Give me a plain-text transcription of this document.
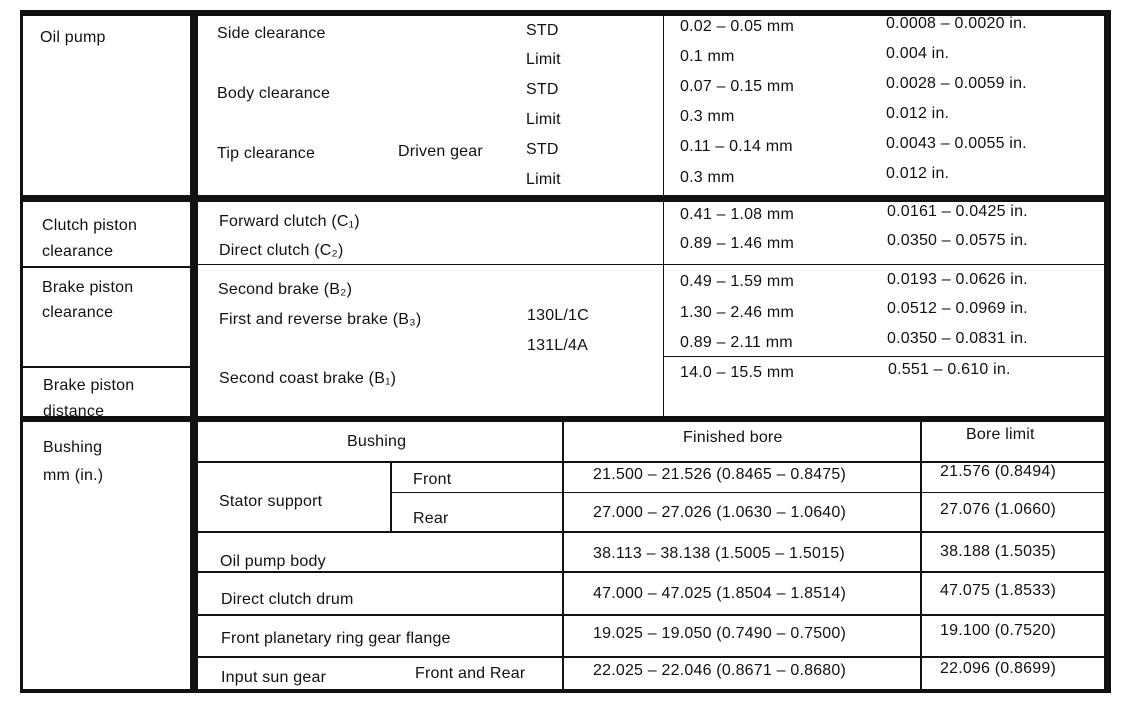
Oil pump	Side clearance	STD	0.02 – 0.05 mm	0.0008 – 0.0020 in.
Limit	0.1 mm	0.004 in.
Body clearance	STD	0.07 – 0.15 mm	0.0028 – 0.0059 in.
Limit	0.3 mm	0.012 in.
Tip clearance	Driven gear	STD	0.11 – 0.14 mm	0.0043 – 0.0055 in.
Limit	0.3 mm	0.012 in.
Clutch piston
clearance
Forward clutch (C₁)	0.41 – 1.08 mm	0.0161 – 0.0425 in.
Direct clutch (C₂)	0.89 – 1.46 mm	0.0350 – 0.0575 in.
Brake piston
clearance
Second brake (B₂)	0.49 – 1.59 mm	0.0193 – 0.0626 in.
First and reverse brake (B₃)	130L/1C	1.30 – 2.46 mm	0.0512 – 0.0969 in.
131L/4A	0.89 – 2.11 mm	0.0350 – 0.0831 in.
Brake piston
distance
Second coast brake (B₁)	14.0 – 15.5 mm	0.551 – 0.610 in.
Bushing
mm (in.)
Bushing	Finished bore	Bore limit
Stator support
Front	21.500 – 21.526 (0.8465 – 0.8475)	21.576 (0.8494)
Rear	27.000 – 27.026 (1.0630 – 1.0640)	27.076 (1.0660)
Oil pump body	38.113 – 38.138 (1.5005 – 1.5015)	38.188 (1.5035)
Direct clutch drum	47.000 – 47.025 (1.8504 – 1.8514)	47.075 (1.8533)
Front planetary ring gear flange	19.025 – 19.050 (0.7490 – 0.7500)	19.100 (0.7520)
Input sun gear	Front and Rear	22.025 – 22.046 (0.8671 – 0.8680)	22.096 (0.8699)
